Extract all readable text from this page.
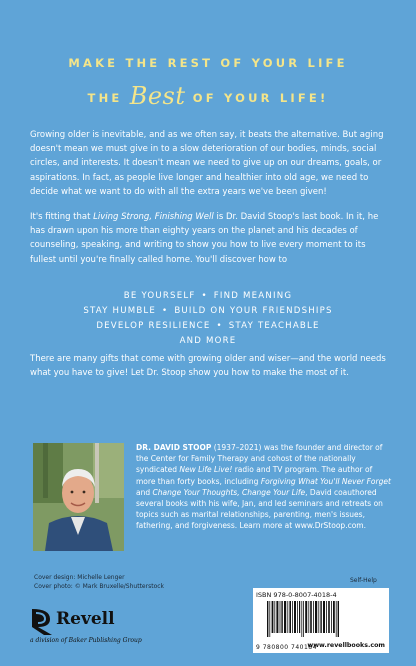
MAKE THE REST OF YOUR LIFE
THE Best OF YOUR LIFE!
Growing older is inevitable, and as we often say, it beats the alternative. But aging doesn't mean we must give in to a slow deterioration of our bodies, minds, social circles, and interests. It doesn't mean we need to give up on our dreams, goals, or aspirations. In fact, as people live longer and healthier into old age, we need to decide what we want to do with all the extra years we've been given!
It's fitting that Living Strong, Finishing Well is Dr. David Stoop's last book. In it, he has drawn upon his more than eighty years on the planet and his decades of counseling, speaking, and writing to show you how to live every moment to its fullest until you're finally called home. You'll discover how to
BE YOURSELF • FIND MEANING
STAY HUMBLE • BUILD ON YOUR FRIENDSHIPS
DEVELOP RESILIENCE • STAY TEACHABLE
AND MORE
There are many gifts that come with growing older and wiser—and the world needs what you have to give! Let Dr. Stoop show you how to make the most of it.
DR. DAVID STOOP (1937–2021) was the founder and director of the Center for Family Therapy and cohost of the nationally syndicated New Life Live! radio and TV program. The author of more than forty books, including Forgiving What You'll Never Forget and Change Your Thoughts, Change Your Life, David coauthored several books with his wife, Jan, and led seminars and retreats on topics such as marital relationships, parenting, men's issues, fathering, and forgiveness. Learn more at www.DrStoop.com.
Cover design: Michelle Lenger
Cover photo: © Mark Bruxelle/Shutterstock
Revell
a division of Baker Publishing Group
Self-Help
ISBN 978-0-8007-4018-4
9 780800 740184
www.revellbooks.com
